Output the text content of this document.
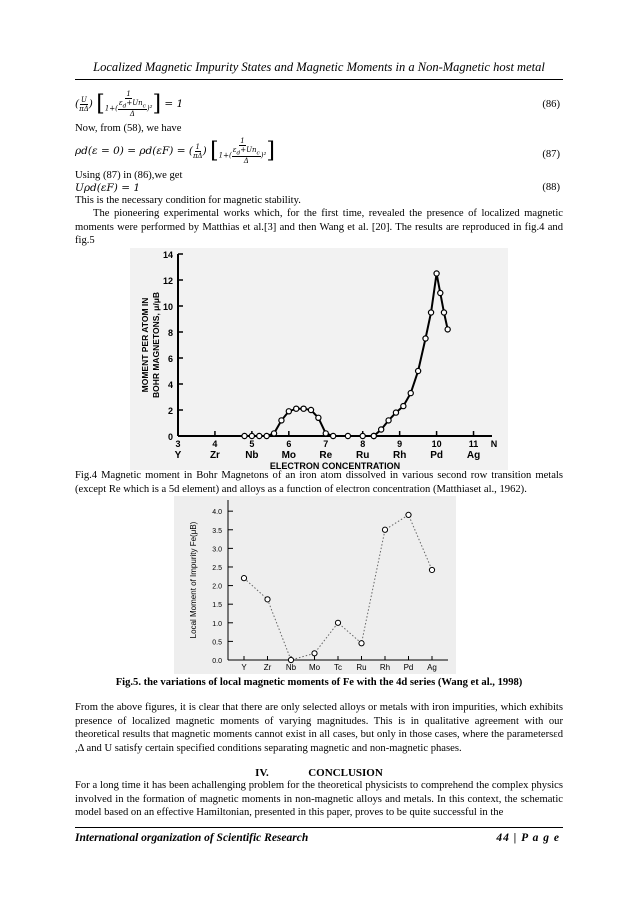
Localized Magnetic Impurity States and Magnetic Moments in a Non-Magnetic host metal
( $\frac{U}{\pi\Delta}$ ) [ $\frac{1}{1+( \frac{\varepsilon_d+Un_c}{\Delta} )^2}$ ] = 1	(86)
Now, from (58), we have
ρd(ε = 0) = ρd(εF) = ( $\frac{1}{\pi\Delta}$ ) [ $\frac{1}{1+( \frac{\varepsilon_d+Un_c}{\Delta} )^2}$ ]	(87)
Using (87) in (86),we get
Uρd(εF) = 1	(88)
This is the necessary condition for magnetic stability.
The pioneering experimental works which, for the first time, revealed the presence of localized magnetic moments were performed by Matthias et al.[3] and then Wang et al. [20]. The results are reproduced in fig.4 and fig.5
0
2
4
6
8
10
12
14
3	4	5	6	7	8	9	10	11 N
Y	Zr	Nb Mo Re Ru Rh Pd Ag
ELECTRON CONCENTRATION
MOMENT PER ATOM IN BOHR MAGNETONS, μ/μB
Fig.4 Magnetic moment in Bohr Magnetons of an iron atom dissolved in various second row transition metals (except Re which is a 5d element) and alloys as a function of electron concentration (Matthiaset al., 1962).
0.0
0.5
1.0
1.5
2.0
2.5
3.0
3.5
4.0
Y Zr Nb Mo Tc Ru Rh Pd Ag
Local Moment of Impurity Fe(μB)
Fig.5. the variations of local magnetic moments of Fe with the 4d series (Wang et al., 1998)
From the above figures, it is clear that there are only selected alloys or metals with iron impurities, which exhibits presence of localized magnetic moments of varying magnitudes. This is in qualitative agreement with our theoretical results that magnetic moments cannot exist in all cases, but only in those cases, where the parametersεd ,Δ and U satisfy certain specified conditions separating magnetic and non-magnetic phases.
IV.	CONCLUSION
For a long time it has been achallenging problem for the theoretical physicists to comprehend the complex physics involved in the formation of magnetic moments in non-magnetic alloys and metals. In this context, the schematic model based on an effective Hamiltonian, presented in this paper, proves to be quite successful in the
International organization of Scientific Research	44 | P a g e
